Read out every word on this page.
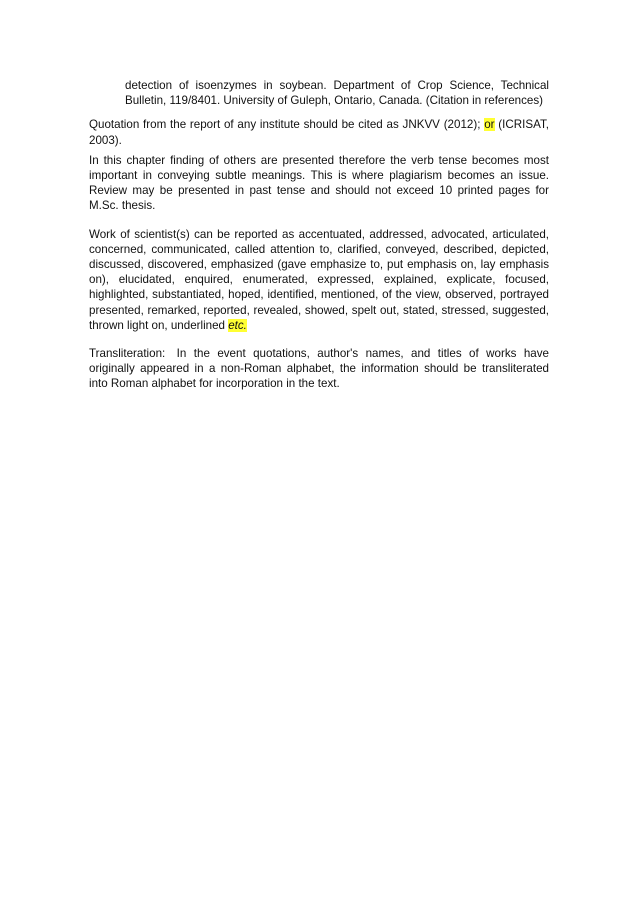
detection of isoenzymes in soybean. Department of Crop Science, Technical Bulletin, 119/8401. University of Guleph, Ontario, Canada. (Citation in references)

Quotation from the report of any institute should be cited as JNKVV (2012); or (ICRISAT, 2003).

In this chapter finding of others are presented therefore the verb tense becomes most important in conveying subtle meanings. This is where plagiarism becomes an issue. Review may be presented in past tense and should not exceed 10 printed pages for M.Sc. thesis.

Work of scientist(s) can be reported as accentuated, addressed, advocated, articulated, concerned, communicated, called attention to, clarified, conveyed, described, depicted, discussed, discovered, emphasized (gave emphasize to, put emphasis on, lay emphasis on), elucidated, enquired, enumerated, expressed, explained, explicate, focused, highlighted, substantiated, hoped, identified, mentioned, of the view, observed, portrayed presented, remarked, reported, revealed, showed, spelt out, stated, stressed, suggested, thrown light on, underlined etc.

Transliteration: In the event quotations, author's names, and titles of works have originally appeared in a non-Roman alphabet, the information should be transliterated into Roman alphabet for incorporation in the text.
